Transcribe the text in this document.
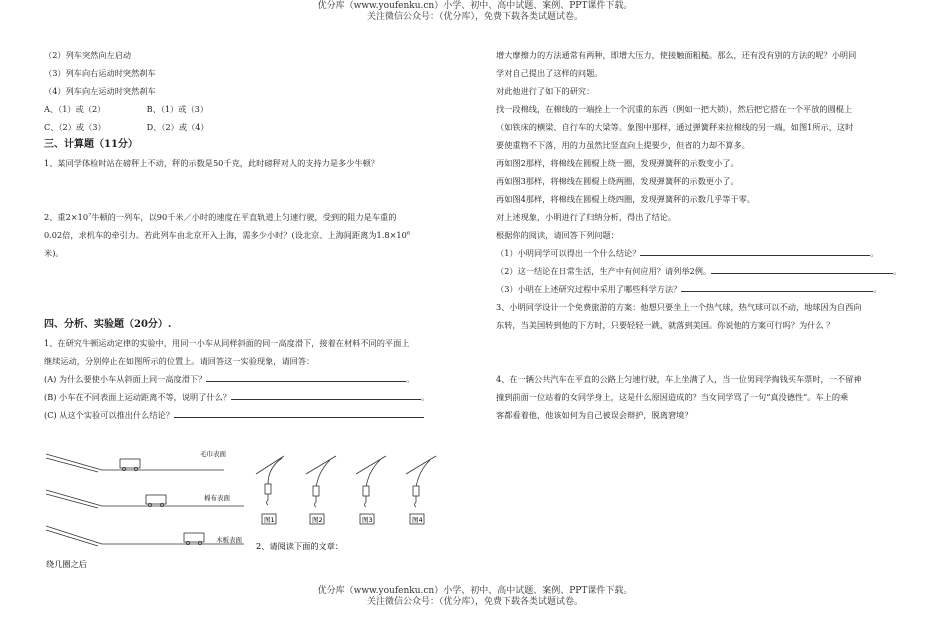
优分库（www.youfenku.cn）小学、初中、高中试题、案例、PPT课件下载。
关注微信公众号：（优分库），免费下载各类试题试卷。
（2）列车突然向左启动
（3）列车向右运动时突然刹车
（4）列车向左运动时突然刹车
A、（1）或（2）	B、（1）或（3）
C、（2）或（3）	D、（2）或（4）
三、计算题（11分）
1、某同学体检时站在磅秤上不动，秤的示数是50千克，此时磅秤对人的支持力是多少牛顿？
2、重$2\times 10^7$牛顿的一列车，以90千米／小时的速度在平直轨道上匀速行驶，受到的阻力是车重的
0.02倍，求机车的牵引力。若此列车由北京开入上海，需多少小时？(设北京、上海间距离为$1.8\times 10^6$
米)。
四、分析、实验题（20分）.
1、在研究牛顿运动定律的实验中，用同一小车从同样斜面的同一高度滑下，接着在材料不同的平面上
继续运动，分别停止在如图所示的位置上。请回答这一实验现象，请回答：
(A) 为什么要使小车从斜面上同一高度滑下？	。
(B) 小车在不同表面上运动距离不等，说明了什么？	。
(C) 从这个实验可以推出什么结论？
毛巾表面
棉布表面
木板表面
图1	图2	图3	图4
2、请阅读下面的文章：
绕几圈之后
增大摩擦力的方法通常有两种，即增大压力，使接触面粗糙。那么，还有没有别的方法的呢？小明同
学对自己提出了这样的问题。
对此他进行了如下的研究：
找一段棉线，在棉线的一端拴上一个沉重的东西（例如一把大锁），然后把它搭在一个平放的圆棍上
（如铁床的横梁、自行车的大梁等。象图中那样，通过弹簧秤来拉棉线的另一端，如图1所示，这时
要使重物不下落，用的力虽然比竖直向上提要少，但省的力却不算多。
再如图2那样，将棉线在圆棍上绕一圈，发现弹簧秤的示数变小了。
再如图3那样，将棉线在圆棍上绕两圈，发现弹簧秤的示数更小了。
再如图4那样，将棉线在圆棍上绕四圈，发现弹簧秤的示数几乎等于零。
对上述现象，小明进行了归纳分析，得出了结论。
根据你的阅读，请回答下列问题：
（1）小明同学可以得出一个什么结论？	。
（2）这一结论在日常生活，生产中有何应用？请列举2例。	。
（3）小明在上述研究过程中采用了哪些科学方法？	。
3、小明同学设计一个免费旅游的方案：他想只要坐上一个热气球，热气球可以不动，地球因为自西向
东转，当美国转到他的下方时，只要轻轻一跳，就落到美国。你说他的方案可行吗？为什么 ？
4、在一辆公共汽车在平直的公路上匀速行驶，车上坐满了人，当一位男同学掏钱买车票时，一不留神
撞到前面一位站着的女同学身上，这是什么原因造成的？当女同学骂了一句“真没德性”。车上的乘
客都看着他，他该如何为自己被误会辩护，脱离窘境？
优分库（www.youfenku.cn）小学、初中、高中试题、案例、PPT课件下载。
关注微信公众号：（优分库），免费下载各类试题试卷。
